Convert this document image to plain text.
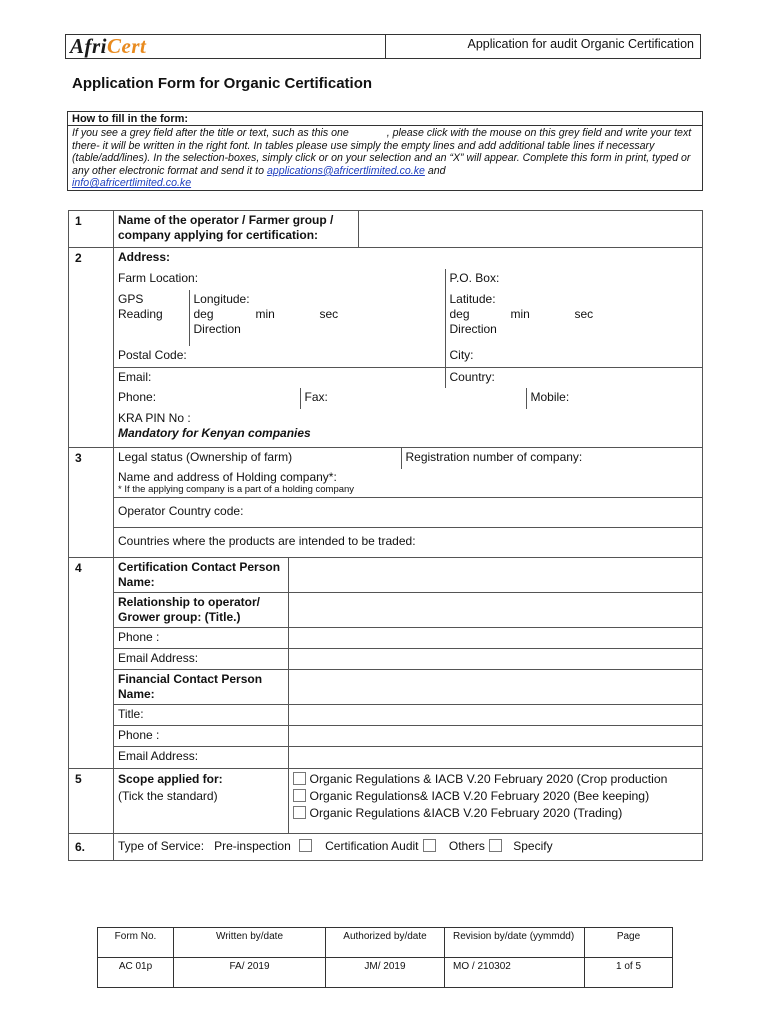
AfriCert	Application for audit Organic Certification
Application Form for Organic Certification
How to fill in the form:
If you see a grey field after the title or text, such as this one	, please click with the mouse on this grey field and write your text there- it will be written in the right font. In tables please use simply the empty lines and add additional table lines if necessary (table/add/lines). In the selection-boxes, simply click or on your selection and an “X” will appear. Complete this form in print, typed or any other electronic format and send it to applications@africertlimited.co.ke and
info@africertlimited.co.ke
1		Name of the operator / Farmer group / company applying for certification:	

2		Address:
Farm Location:	P.O. Box:
GPS Reading	
Longitude:
deg	min	sec
Direction

Latitude:
deg	min	sec
Direction
Postal Code:	City:
Email:	Country:
Phone:	Fax:	Mobile:
KRA PIN No :
Mandatory for Kenyan companies

3		Legal status (Ownership of farm)	Registration number of company:
Name and address of Holding company*:
* If the applying company is a part of a holding company

Operator Country code:
Countries where the products are intended to be traded:

4		Certification Contact Person Name:	
Relationship to operator/ Grower group: (Title.)	
Phone :	
Email Address:	
Financial Contact Person Name:	
Title:	
Phone :	
Email Address:	

5		Scope applied for:
(Tick the standard)

Organic Regulations & IACB V.20 February 2020 (Crop production
Organic Regulations& IACB V.20 February 2020 (Bee keeping)
Organic Regulations &IACB V.20 February 2020 (Trading)

6.		Type of Service: Pre-inspection	Certification Audit	Others Specify
Form No.	Written by/date	Authorized by/date	Revision by/date (yymmdd)	Page
AC 01p	FA/ 2019	JM/ 2019	MO / 210302	1 of 5
